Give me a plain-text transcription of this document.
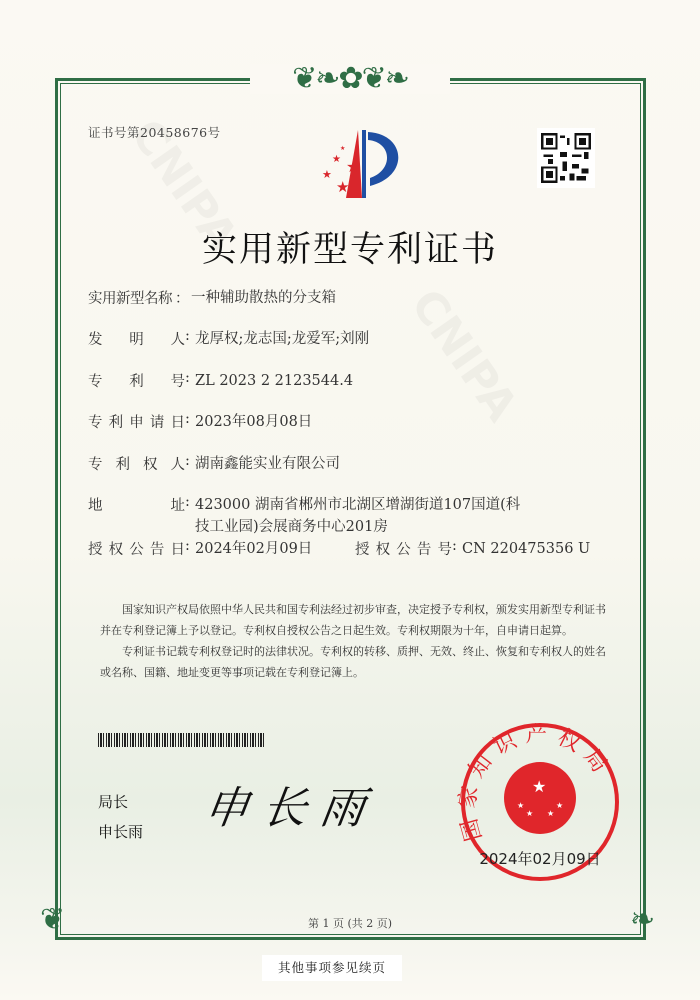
❦❧✿❦❧
❦	❧
证书号第20458676号
★ ★
★
★
★
实用新型专利证书
实用新型名称 ： 一种辅助散热的分支箱
发明人 : 龙厚权;龙志国;龙爱军;刘刚
专利号 : ZL 2023 2 2123544.4
专利申请日 : 2023年08月08日
专利权人 : 湖南鑫能实业有限公司
地址 : 423000 湖南省郴州市北湖区增湖街道107国道(科技工业园)会展商务中心201房
授权公告日 : 2024年02月09日	授权公告号 : CN 220475356 U
国家知识产权局依照中华人民共和国专利法经过初步审查，决定授予专利权，颁发实用新型专利证书并在专利登记簿上予以登记。专利权自授权公告之日起生效。专利权期限为十年，自申请日起算。
专利证书记载专利权登记时的法律状况。专利权的转移、质押、无效、终止、恢复和专利权人的姓名或名称、国籍、地址变更等事项记载在专利登记簿上。
局长
申长雨 申长雨	国家知识产权局
★
★	★
★ ★
2024年02月09日
第 1 页 (共 2 页)
其他事项参见续页
